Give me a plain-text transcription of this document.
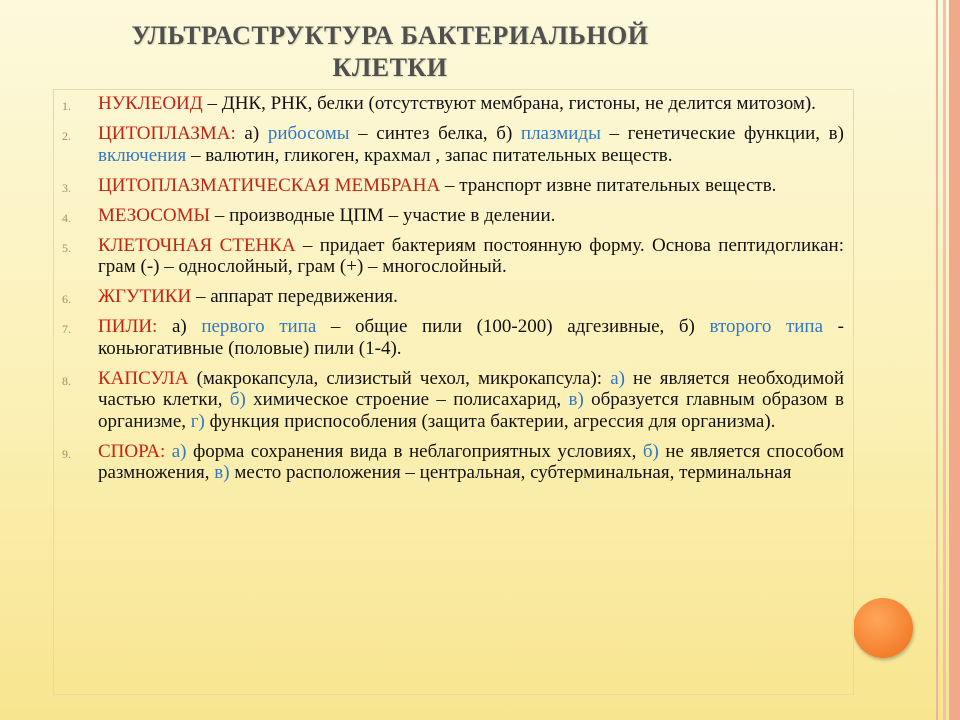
УЛЬТРАСТРУКТУРА БАКТЕРИАЛЬНОЙ
КЛЕТКИ
1. НУКЛЕОИД – ДНК, РНК, белки (отсутствуют мембрана, гистоны, не делится митозом).
2. ЦИТОПЛАЗМА: а) рибосомы – синтез белка, б) плазмиды – генетические функции, в) включения – валютин, гликоген, крахмал , запас питательных веществ.
3. ЦИТОПЛАЗМАТИЧЕСКАЯ МЕМБРАНА – транспорт извне питательных веществ.
4. МЕЗОСОМЫ – производные ЦПМ – участие в делении.
5. КЛЕТОЧНАЯ СТЕНКА – придает бактериям постоянную форму. Основа пептидогликан: грам (-) – однослойный, грам (+) – многослойный.
6. ЖГУТИКИ – аппарат передвижения.
7. ПИЛИ: а) первого типа – общие пили (100-200) адгезивные, б) второго типа - коньюгативные (половые) пили (1-4).
8. КАПСУЛА (макрокапсула, слизистый чехол, микрокапсула): а) не является необходимой частью клетки, б) химическое строение – полисахарид, в) образуется главным образом в организме, г) функция приспособления (защита бактерии, агрессия для организма).
9. СПОРА: а) форма сохранения вида в неблагоприятных условиях, б) не является способом размножения, в) место расположения – центральная, субтерминальная, терминальная
